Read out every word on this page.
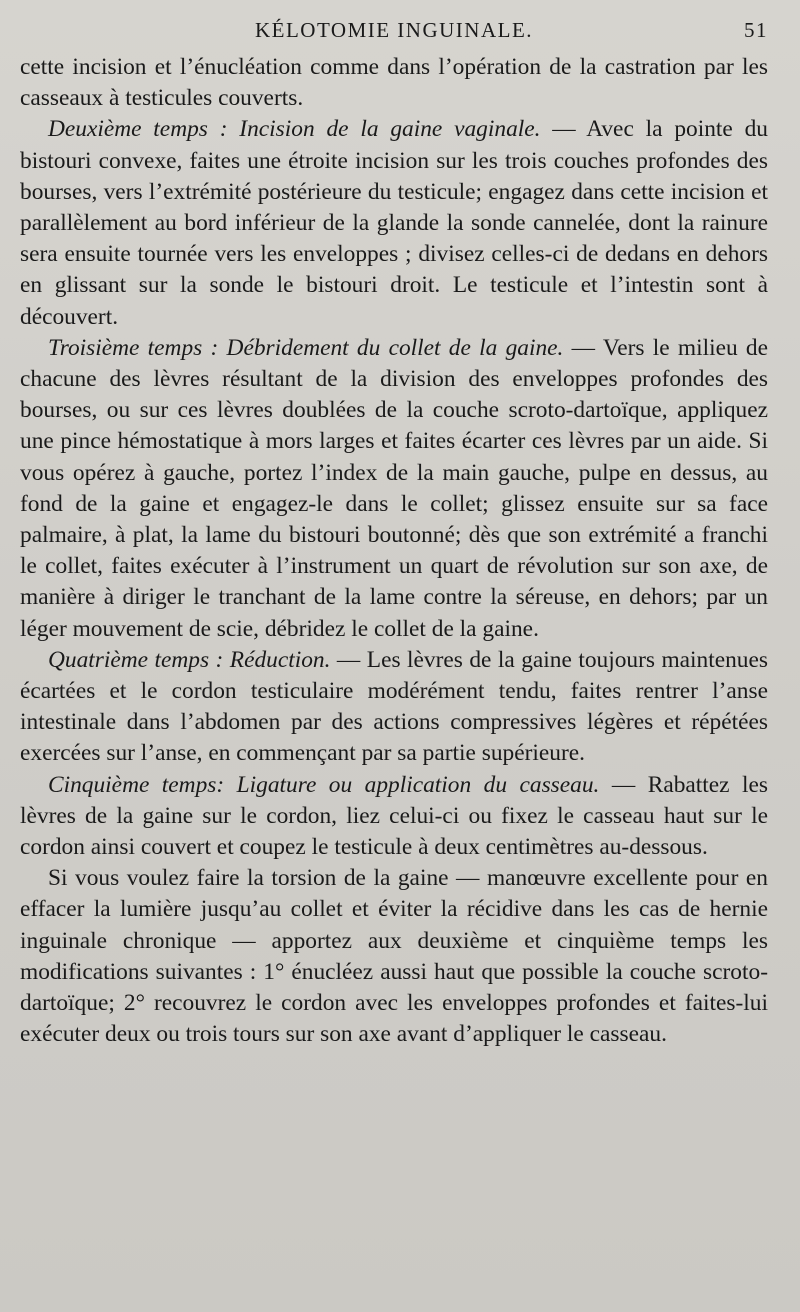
KÉLOTOMIE INGUINALE.	51

cette incision et l’énucléation comme dans l’opération de la castration par les casseaux à testicules couverts.

Deuxième temps : Incision de la gaine vaginale. — Avec la pointe du bistouri convexe, faites une étroite incision sur les trois couches profondes des bourses, vers l’extrémité postérieure du testicule; engagez dans cette incision et parallèlement au bord inférieur de la glande la sonde cannelée, dont la rainure sera ensuite tournée vers les enveloppes ; divisez celles-ci de dedans en dehors en glissant sur la sonde le bistouri droit. Le testicule et l’intestin sont à découvert.

Troisième temps : Débridement du collet de la gaine. — Vers le milieu de chacune des lèvres résultant de la division des enveloppes profondes des bourses, ou sur ces lèvres doublées de la couche scroto-dartoïque, appliquez une pince hémostatique à mors larges et faites écarter ces lèvres par un aide. Si vous opérez à gauche, portez l’index de la main gauche, pulpe en dessus, au fond de la gaine et engagez-le dans le collet; glissez ensuite sur sa face palmaire, à plat, la lame du bistouri boutonné; dès que son extrémité a franchi le collet, faites exécuter à l’instrument un quart de révolution sur son axe, de manière à diriger le tranchant de la lame contre la séreuse, en dehors; par un léger mouvement de scie, débridez le collet de la gaine.

Quatrième temps : Réduction. — Les lèvres de la gaine toujours maintenues écartées et le cordon testiculaire modérément tendu, faites rentrer l’anse intestinale dans l’abdomen par des actions compressives légères et répétées exercées sur l’anse, en commençant par sa partie supérieure.

Cinquième temps: Ligature ou application du casseau. — Rabattez les lèvres de la gaine sur le cordon, liez celui-ci ou fixez le casseau haut sur le cordon ainsi couvert et coupez le testicule à deux centimètres au-dessous.

Si vous voulez faire la torsion de la gaine — manœuvre excellente pour en effacer la lumière jusqu’au collet et éviter la récidive dans les cas de hernie inguinale chronique — apportez aux deuxième et cinquième temps les modifications suivantes : 1° énucléez aussi haut que possible la couche scroto-dartoïque; 2° recouvrez le cordon avec les enveloppes profondes et faites-lui exécuter deux ou trois tours sur son axe avant d’appliquer le casseau.
